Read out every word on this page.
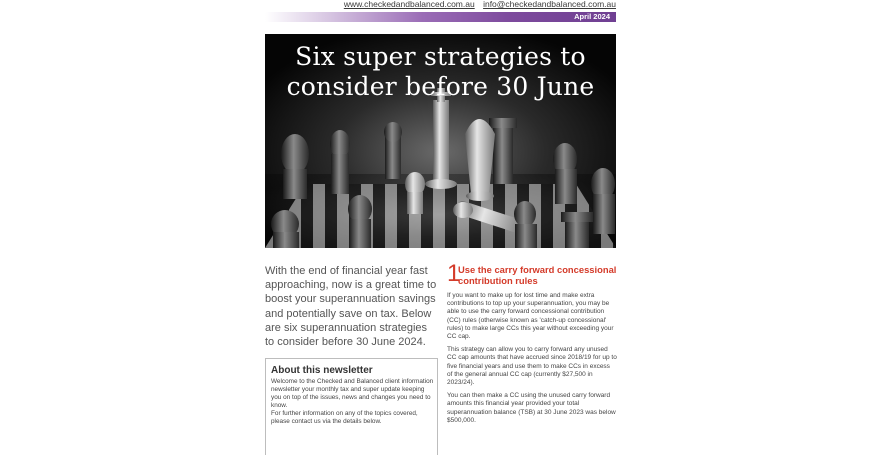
www.checkedandbalanced.com.au info@checkedandbalanced.com.au
April 2024
Six super strategies to
consider before 30 June
With the end of financial year fast approaching, now is a great time to boost your superannuation savings and potentially save on tax. Below are six superannuation strategies to consider before 30 June 2024.
About this newsletter

Welcome to the Checked and Balanced client information newsletter your monthly tax and super update keeping you on top of the issues, news and changes you need to know.

For further information on any of the topics covered, please contact us via the details below.

1
Use the carry forward concessional contribution rules

If you want to make up for lost time and make extra contributions to top up your superannuation, you may be able to use the carry forward concessional contribution (CC) rules (otherwise known as 'catch-up concessional' rules) to make large CCs this year without exceeding your CC cap.

This strategy can allow you to carry forward any unused CC cap amounts that have accrued since 2018/19 for up to five financial years and use them to make CCs in excess of the general annual CC cap (currently $27,500 in 2023/24).

You can then make a CC using the unused carry forward amounts this financial year provided your total superannuation balance (TSB) at 30 June 2023 was below $500,000.
